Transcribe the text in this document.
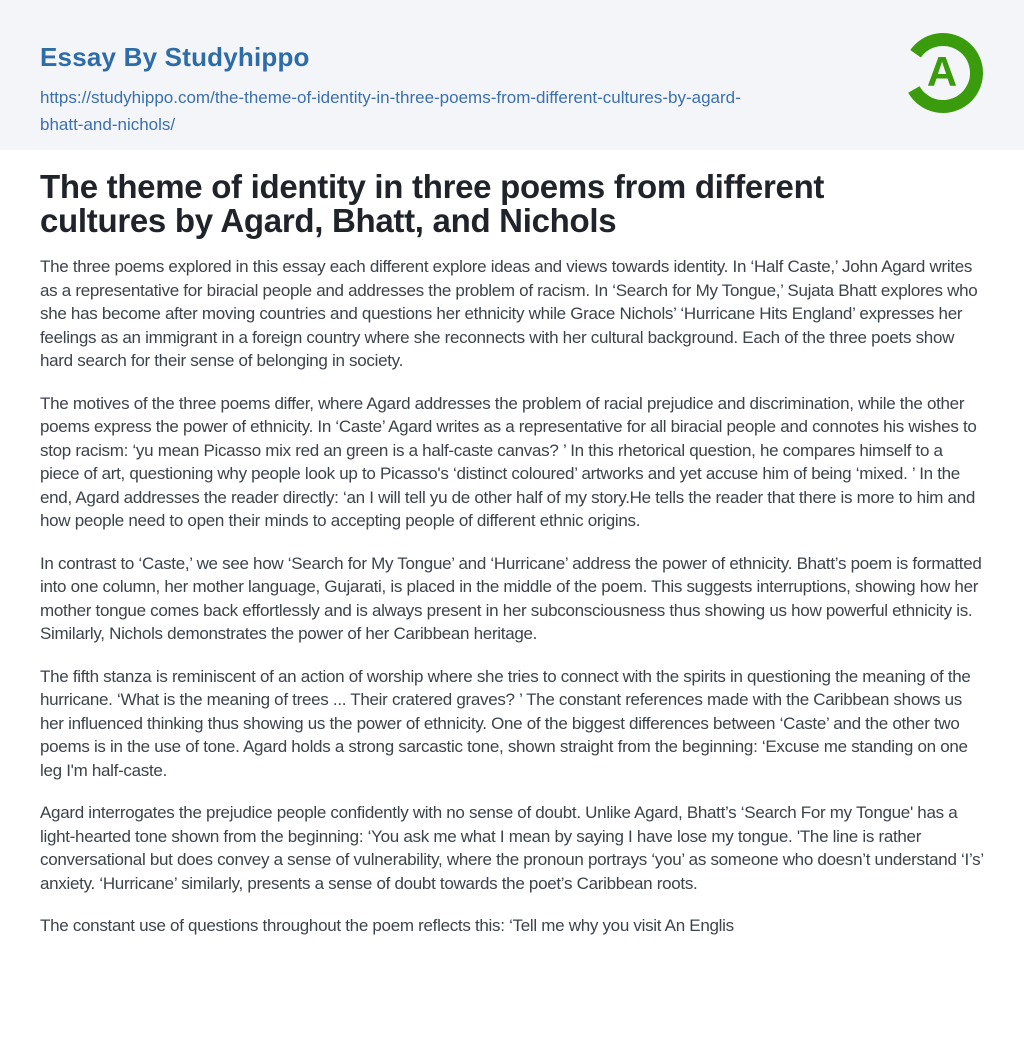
Essay By Studyhippo
https://studyhippo.com/the-theme-of-identity-in-three-poems-from-different-cultures-by-agard-bhatt-and-nichols/
A
The theme of identity in three poems from different cultures by Agard, Bhatt, and Nichols

The three poems explored in this essay each different explore ideas and views towards identity. In ‘Half Caste,’ John Agard writes as a representative for biracial people and addresses the problem of racism. In ‘Search for My Tongue,’ Sujata Bhatt explores who she has become after moving countries and questions her ethnicity while Grace Nichols’ ‘Hurricane Hits England’ expresses her feelings as an immigrant in a foreign country where she reconnects with her cultural background. Each of the three poets show hard search for their sense of belonging in society.

The motives of the three poems differ, where Agard addresses the problem of racial prejudice and discrimination, while the other poems express the power of ethnicity. In ‘Caste’ Agard writes as a representative for all biracial people and connotes his wishes to stop racism: ‘yu mean Picasso mix red an green is a half-caste canvas? ’ In this rhetorical question, he compares himself to a piece of art, questioning why people look up to Picasso's ‘distinct coloured’ artworks and yet accuse him of being ‘mixed. ’ In the end, Agard addresses the reader directly: ‘an I will tell yu de other half of my story.He tells the reader that there is more to him and how people need to open their minds to accepting people of different ethnic origins.

In contrast to ‘Caste,’ we see how ‘Search for My Tongue’ and ‘Hurricane’ address the power of ethnicity. Bhatt’s poem is formatted into one column, her mother language, Gujarati, is placed in the middle of the poem. This suggests interruptions, showing how her mother tongue comes back effortlessly and is always present in her subconsciousness thus showing us how powerful ethnicity is. Similarly, Nichols demonstrates the power of her Caribbean heritage.

The fifth stanza is reminiscent of an action of worship where she tries to connect with the spirits in questioning the meaning of the hurricane. ‘What is the meaning of trees ... Their cratered graves? ’ The constant references made with the Caribbean shows us her influenced thinking thus showing us the power of ethnicity. One of the biggest differences between ‘Caste’ and the other two poems is in the use of tone. Agard holds a strong sarcastic tone, shown straight from the beginning: ‘Excuse me standing on one leg I'm half-caste.

Agard interrogates the prejudice people confidently with no sense of doubt. Unlike Agard, Bhatt’s ‘Search For my Tongue' has a light-hearted tone shown from the beginning: ‘You ask me what I mean by saying I have lose my tongue. 'The line is rather conversational but does convey a sense of vulnerability, where the pronoun portrays ‘you’ as someone who doesn’t understand ‘I’s’ anxiety. ‘Hurricane’ similarly, presents a sense of doubt towards the poet’s Caribbean roots.

The constant use of questions throughout the poem reflects this: ‘Tell me why you visit An Englis
